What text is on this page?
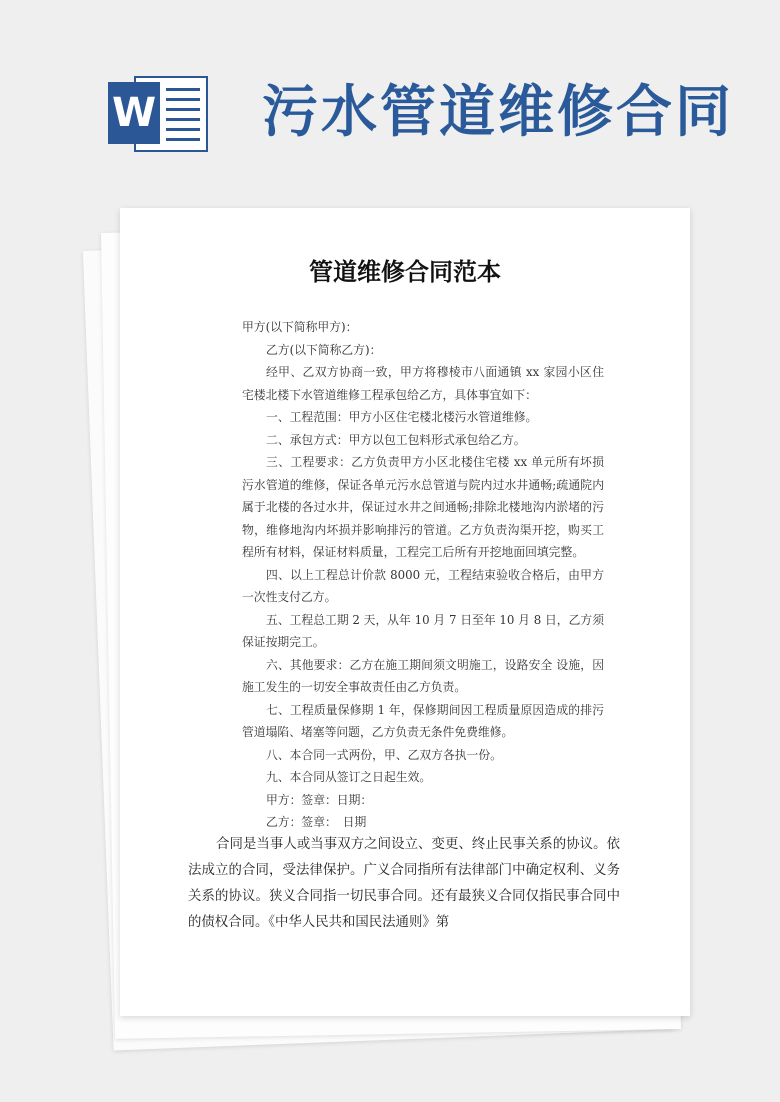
W 污水管道维修合同
管道维修合同范本

甲方(以下简称甲方)：

乙方(以下简称乙方)：

经甲、乙双方协商一致，甲方将穆棱市八面通镇 xx 家园小区住宅楼北楼下水管道维修工程承包给乙方，具体事宜如下：

一、工程范围：甲方小区住宅楼北楼污水管道维修。

二、承包方式：甲方以包工包料形式承包给乙方。

三、工程要求：乙方负责甲方小区北楼住宅楼 xx 单元所有坏损污水管道的维修，保证各单元污水总管道与院内过水井通畅;疏通院内属于北楼的各过水井，保证过水井之间通畅;排除北楼地沟内淤堵的污物，维修地沟内坏损并影响排污的管道。乙方负责沟渠开挖，购买工程所有材料，保证材料质量，工程完工后所有开挖地面回填完整。

四、以上工程总计价款 8000 元，工程结束验收合格后，由甲方一次性支付乙方。

五、工程总工期 2 天，从年 10 月 7 日至年 10 月 8 日，乙方须保证按期完工。

六、其他要求：乙方在施工期间须文明施工，设路安全 设施，因施工发生的一切安全事故责任由乙方负责。

七、工程质量保修期 1 年，保修期间因工程质量原因造成的排污管道塌陷、堵塞等问题，乙方负责无条件免费维修。

八、本合同一式两份，甲、乙双方各执一份。

九、本合同从签订之日起生效。

甲方：签章：日期：

乙方：签章：　日期

合同是当事人或当事双方之间设立、变更、终止民事关系的协议。依法成立的合同，受法律保护。广义合同指所有法律部门中确定权利、义务关系的协议。狭义合同指一切民事合同。还有最狭义合同仅指民事合同中的债权合同。《中华人民共和国民法通则》第
